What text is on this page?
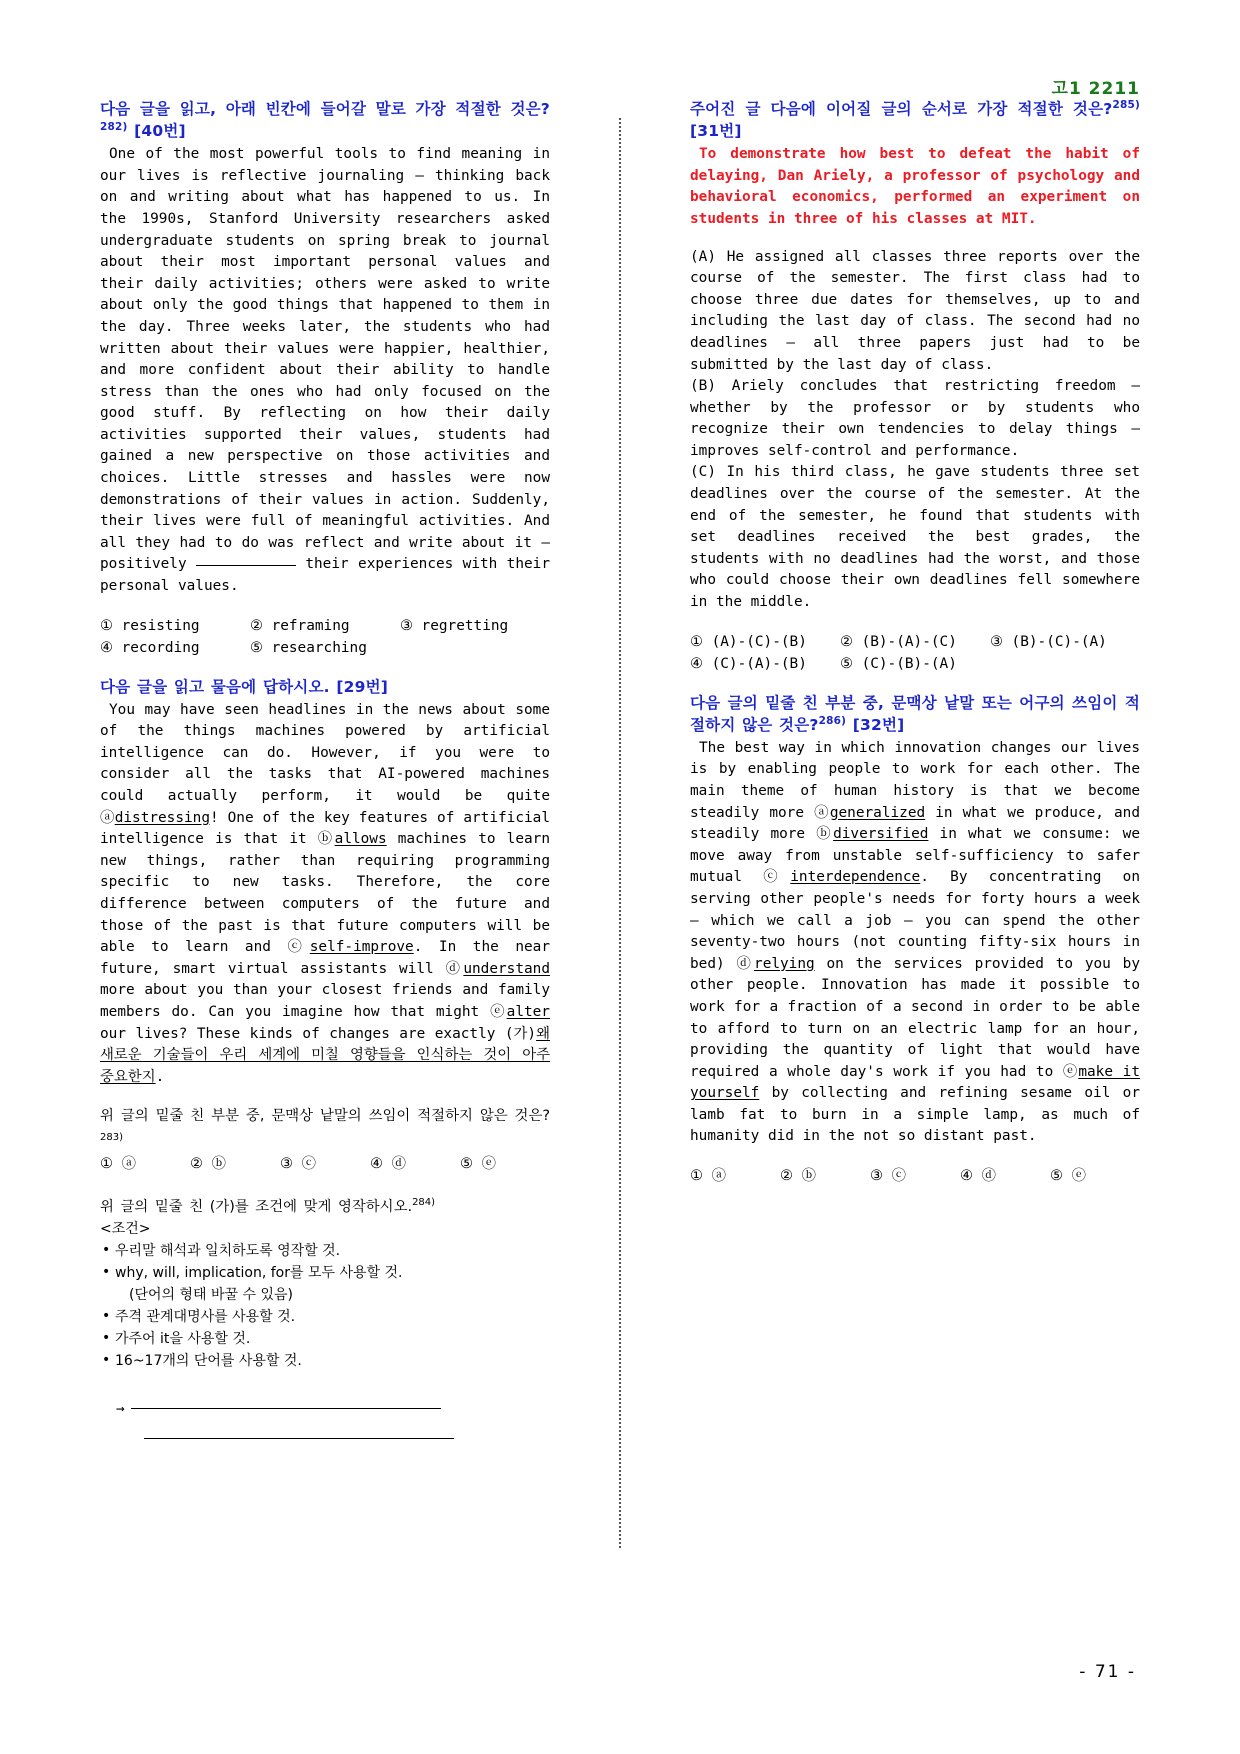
고1 2211
다음 글을 읽고, 아래 빈칸에 들어갈 말로 가장 적절한 것은?$^{282)}$ [40번]
One of the most powerful tools to find meaning in our lives is reflective journaling — thinking back on and writing about what has happened to us. In the 1990s, Stanford University researchers asked undergraduate students on spring break to journal about their most important personal values and their daily activities; others were asked to write about only the good things that happened to them in the day. Three weeks later, the students who had written about their values were happier, healthier, and more confident about their ability to handle stress than the ones who had only focused on the good stuff. By reflecting on how their daily activities supported their values, students had gained a new perspective on those activities and choices. Little stresses and hassles were now demonstrations of their values in action. Suddenly, their lives were full of meaningful activities. And all they had to do was reflect and write about it — positively	their experiences with their personal values.
① resisting	② reframing	③ regretting
④ recording	⑤ researching
다음 글을 읽고 물음에 답하시오. [29번]
You may have seen headlines in the news about some of the things machines powered by artificial intelligence can do. However, if you were to consider all the tasks that AI-powered machines could actually perform, it would be quite ⓐdistressing! One of the key features of artificial intelligence is that it ⓑallows machines to learn new things, rather than requiring programming specific to new tasks. Therefore, the core difference between computers of the future and those of the past is that future computers will be able to learn and ⓒself-improve. In the near future, smart virtual assistants will ⓓunderstand more about you than your closest friends and family members do. Can you imagine how that might ⓔalter our lives? These kinds of changes are exactly (가)왜 새로운 기술들이 우리 세계에 미칠 영향들을 인식하는 것이 아주 중요한지.
위 글의 밑줄 친 부분 중, 문맥상 낱말의 쓰임이 적절하지 않은 것은?$^{283)}$
① ⓐ	② ⓑ	③ ⓒ	④ ⓓ	⑤ ⓔ
위 글의 밑줄 친 (가)를 조건에 맞게 영작하시오.$^{284)}$
<조건>
• 우리말 해석과 일치하도록 영작할 것.
• why, will, implication, for를 모두 사용할 것.
(단어의 형태 바꿀 수 있음)
• 주격 관계대명사를 사용할 것.
• 가주어 it을 사용할 것.
• 16~17개의 단어를 사용할 것.
→
주어진 글 다음에 이어질 글의 순서로 가장 적절한 것은?$^{285)}$ [31번]
To demonstrate how best to defeat the habit of delaying, Dan Ariely, a professor of psychology and behavioral economics, performed an experiment on students in three of his classes at MIT.
(A) He assigned all classes three reports over the course of the semester. The first class had to choose three due dates for themselves, up to and including the last day of class. The second had no deadlines — all three papers just had to be submitted by the last day of class.
(B) Ariely concludes that restricting freedom — whether by the professor or by students who recognize their own tendencies to delay things — improves self-control and performance.
(C) In his third class, he gave students three set deadlines over the course of the semester. At the end of the semester, he found that students with set deadlines received the best grades, the students with no deadlines had the worst, and those who could choose their own deadlines fell somewhere in the middle.
① (A)-(C)-(B)	② (B)-(A)-(C)	③ (B)-(C)-(A)
④ (C)-(A)-(B)	⑤ (C)-(B)-(A)
다음 글의 밑줄 친 부분 중, 문맥상 낱말 또는 어구의 쓰임이 적절하지 않은 것은?$^{286)}$ [32번]
The best way in which innovation changes our lives is by enabling people to work for each other. The main theme of human history is that we become steadily more ⓐgeneralized in what we produce, and steadily more ⓑdiversified in what we consume: we move away from unstable self-sufficiency to safer mutual ⓒinterdependence. By concentrating on serving other people's needs for forty hours a week — which we call a job — you can spend the other seventy-two hours (not counting fifty-six hours in bed) ⓓrelying on the services provided to you by other people. Innovation has made it possible to work for a fraction of a second in order to be able to afford to turn on an electric lamp for an hour, providing the quantity of light that would have required a whole day's work if you had to ⓔmake it yourself by collecting and refining sesame oil or lamb fat to burn in a simple lamp, as much of humanity did in the not so distant past.
① ⓐ	② ⓑ	③ ⓒ	④ ⓓ	⑤ ⓔ
- 71 -
